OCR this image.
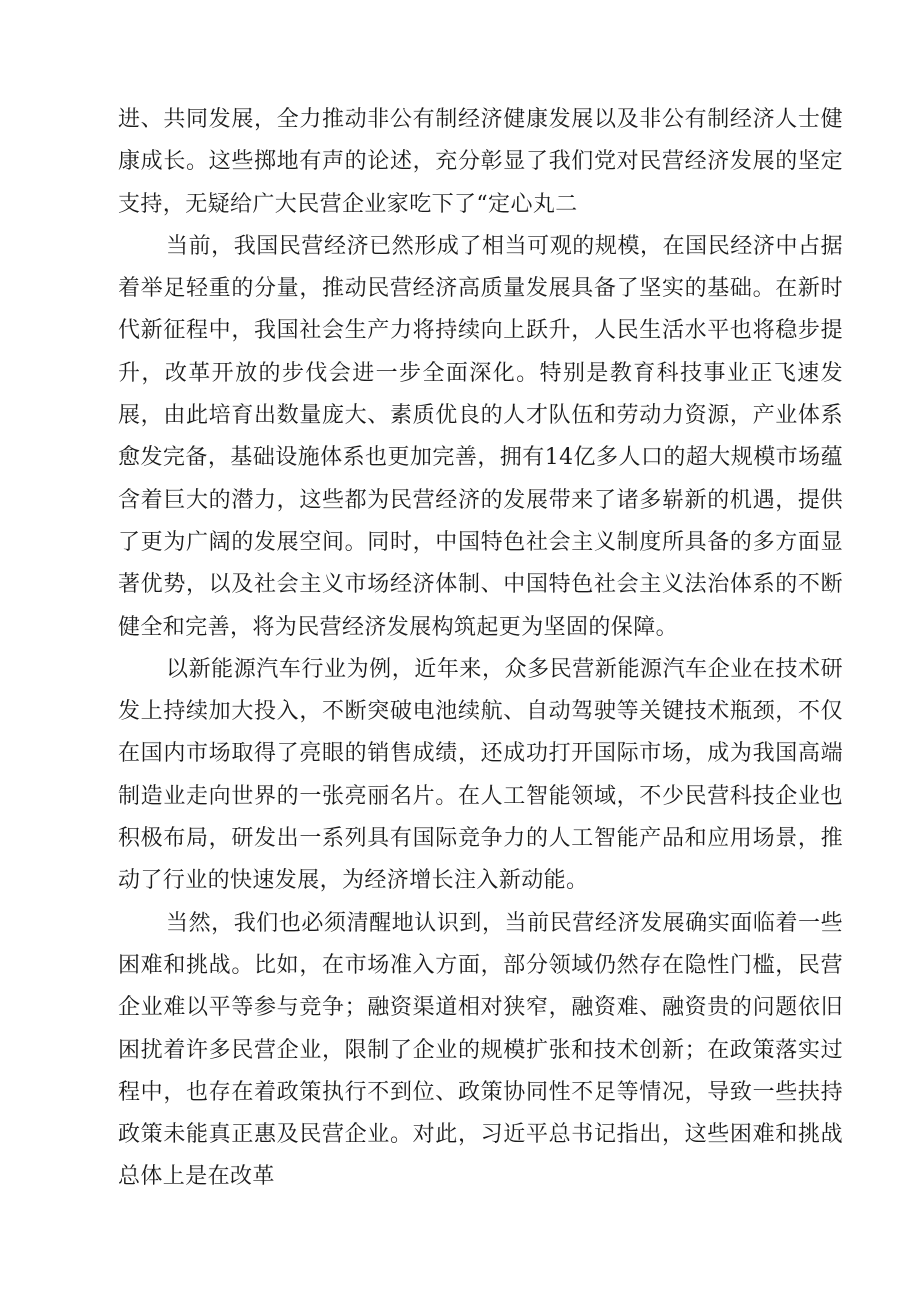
进、共同发展，全力推动非公有制经济健康发展以及非公有制经济人士健康成长。这些掷地有声的论述，充分彰显了我们党对民营经济发展的坚定支持，无疑给广大民营企业家吃下了“定心丸二

当前，我国民营经济已然形成了相当可观的规模，在国民经济中占据着举足轻重的分量，推动民营经济高质量发展具备了坚实的基础。在新时代新征程中，我国社会生产力将持续向上跃升，人民生活水平也将稳步提升，改革开放的步伐会进一步全面深化。特别是教育科技事业正飞速发展，由此培育出数量庞大、素质优良的人才队伍和劳动力资源，产业体系愈发完备，基础设施体系也更加完善，拥有14亿多人口的超大规模市场蕴含着巨大的潜力，这些都为民营经济的发展带来了诸多崭新的机遇，提供了更为广阔的发展空间。同时，中国特色社会主义制度所具备的多方面显著优势，以及社会主义市场经济体制、中国特色社会主义法治体系的不断健全和完善，将为民营经济发展构筑起更为坚固的保障。

以新能源汽车行业为例，近年来，众多民营新能源汽车企业在技术研发上持续加大投入，不断突破电池续航、自动驾驶等关键技术瓶颈，不仅在国内市场取得了亮眼的销售成绩，还成功打开国际市场，成为我国高端制造业走向世界的一张亮丽名片。在人工智能领域，不少民营科技企业也积极布局，研发出一系列具有国际竞争力的人工智能产品和应用场景，推动了行业的快速发展，为经济增长注入新动能。

当然，我们也必须清醒地认识到，当前民营经济发展确实面临着一些困难和挑战。比如，在市场准入方面，部分领域仍然存在隐性门槛，民营企业难以平等参与竞争；融资渠道相对狭窄，融资难、融资贵的问题依旧困扰着许多民营企业，限制了企业的规模扩张和技术创新；在政策落实过程中，也存在着政策执行不到位、政策协同性不足等情况，导致一些扶持政策未能真正惠及民营企业。对此，习近平总书记指出，这些困难和挑战总体上是在改革
